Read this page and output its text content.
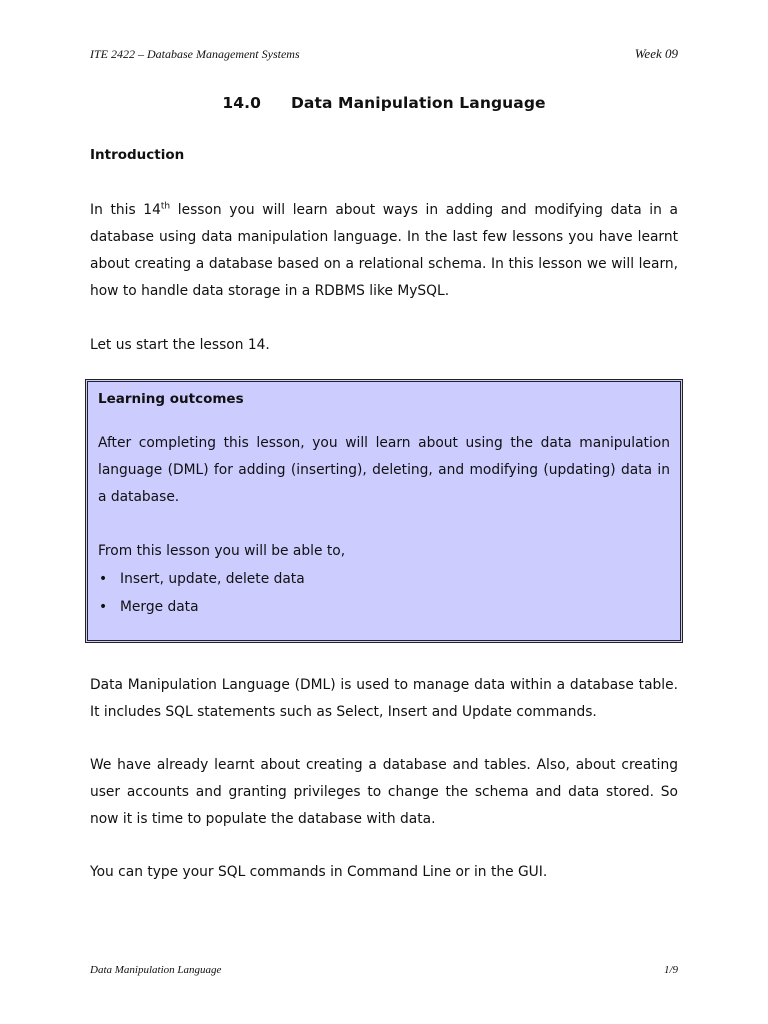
ITE 2422 – Database Management Systems	Week 09
14.0 Data Manipulation Language
Introduction
In this 14th lesson you will learn about ways in adding and modifying data in a database using data manipulation language. In the last few lessons you have learnt about creating a database based on a relational schema. In this lesson we will learn, how to handle data storage in a RDBMS like MySQL.
Let us start the lesson 14.
Learning outcomes
After completing this lesson, you will learn about using the data manipulation language (DML) for adding (inserting), deleting, and modifying (updating) data in a database.
From this lesson you will be able to,
• Insert, update, delete data
• Merge data
Data Manipulation Language (DML) is used to manage data within a database table. It includes SQL statements such as Select, Insert and Update commands.
We have already learnt about creating a database and tables. Also, about creating user accounts and granting privileges to change the schema and data stored. So now it is time to populate the database with data.
You can type your SQL commands in Command Line or in the GUI.
Data Manipulation Language	1/9
